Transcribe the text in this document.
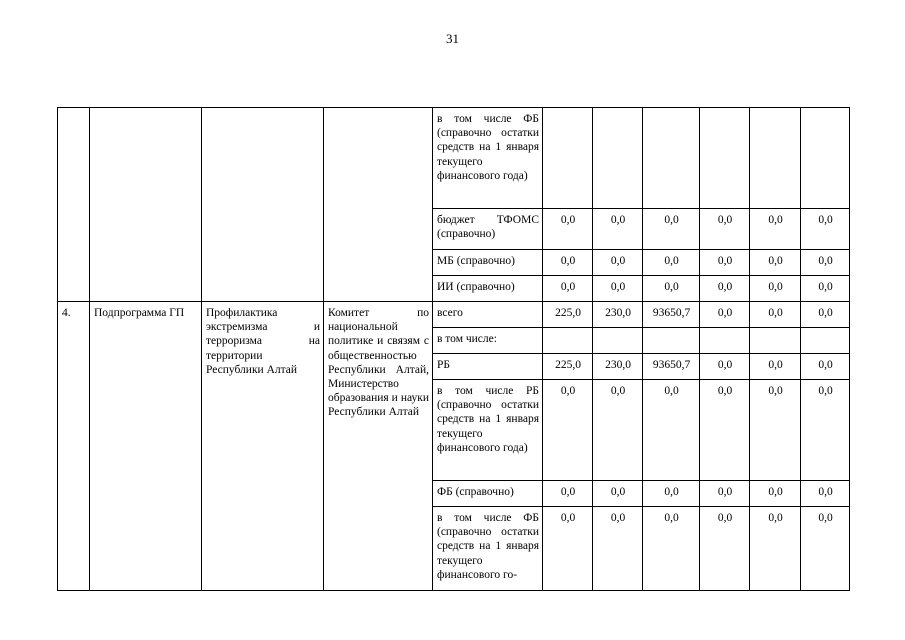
31
				в том числе ФБ (справочно остатки средств на 1 января текущего финансового года)						
				бюджет ТФОМС (справочно)	0,0	0,0	0,0	0,0	0,0	0,0
				МБ (справочно)	0,0	0,0	0,0	0,0	0,0	0,0
				ИИ (справочно)	0,0	0,0	0,0	0,0	0,0	0,0
4.	Подпрограмма ГП	Профилактика экстремизма и терроризма на территории Республики Алтай	Комитет по национальной политике и связям с общественностью Республики Алтай, Министерство образования и науки Республики Алтай	всего	225,0	230,0	93650,7	0,0	0,0	0,0
				в том числе:						
				РБ	225,0	230,0	93650,7	0,0	0,0	0,0
				в том числе РБ (справочно остатки средств на 1 января текущего финансового года)	0,0	0,0	0,0	0,0	0,0	0,0
				ФБ (справочно)	0,0	0,0	0,0	0,0	0,0	0,0
				в том числе ФБ (справочно остатки средств на 1 января текущего финансового го-	0,0	0,0	0,0	0,0	0,0	0,0
